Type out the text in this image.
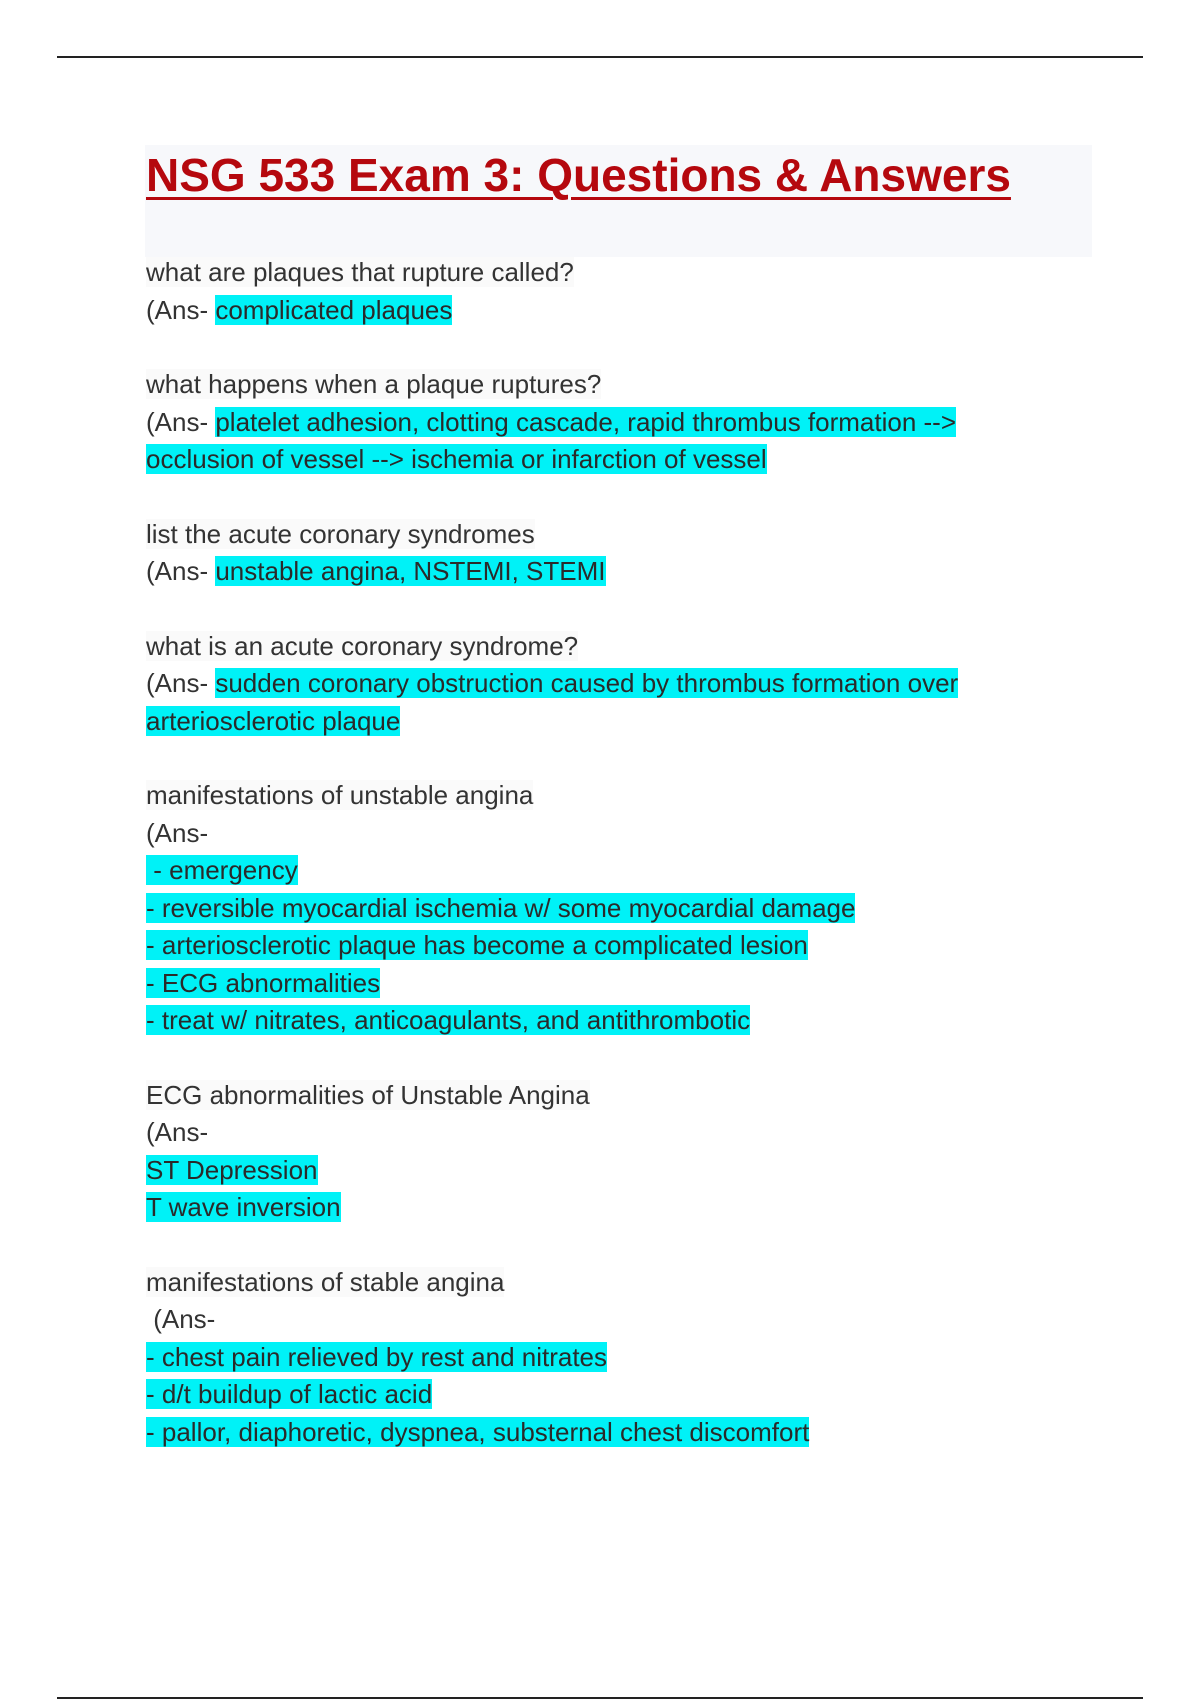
NSG 533 Exam 3: Questions & Answers
what are plaques that rupture called?
(Ans- complicated plaques
what happens when a plaque ruptures?
(Ans- platelet adhesion, clotting cascade, rapid thrombus formation -->
occlusion of vessel --> ischemia or infarction of vessel
list the acute coronary syndromes
(Ans- unstable angina, NSTEMI, STEMI
what is an acute coronary syndrome?
(Ans- sudden coronary obstruction caused by thrombus formation over
arteriosclerotic plaque
manifestations of unstable angina
(Ans-
- emergency
- reversible myocardial ischemia w/ some myocardial damage
- arteriosclerotic plaque has become a complicated lesion
- ECG abnormalities
- treat w/ nitrates, anticoagulants, and antithrombotic
ECG abnormalities of Unstable Angina
(Ans-
ST Depression
T wave inversion
manifestations of stable angina
(Ans-
- chest pain relieved by rest and nitrates
- d/t buildup of lactic acid
- pallor, diaphoretic, dyspnea, substernal chest discomfort
